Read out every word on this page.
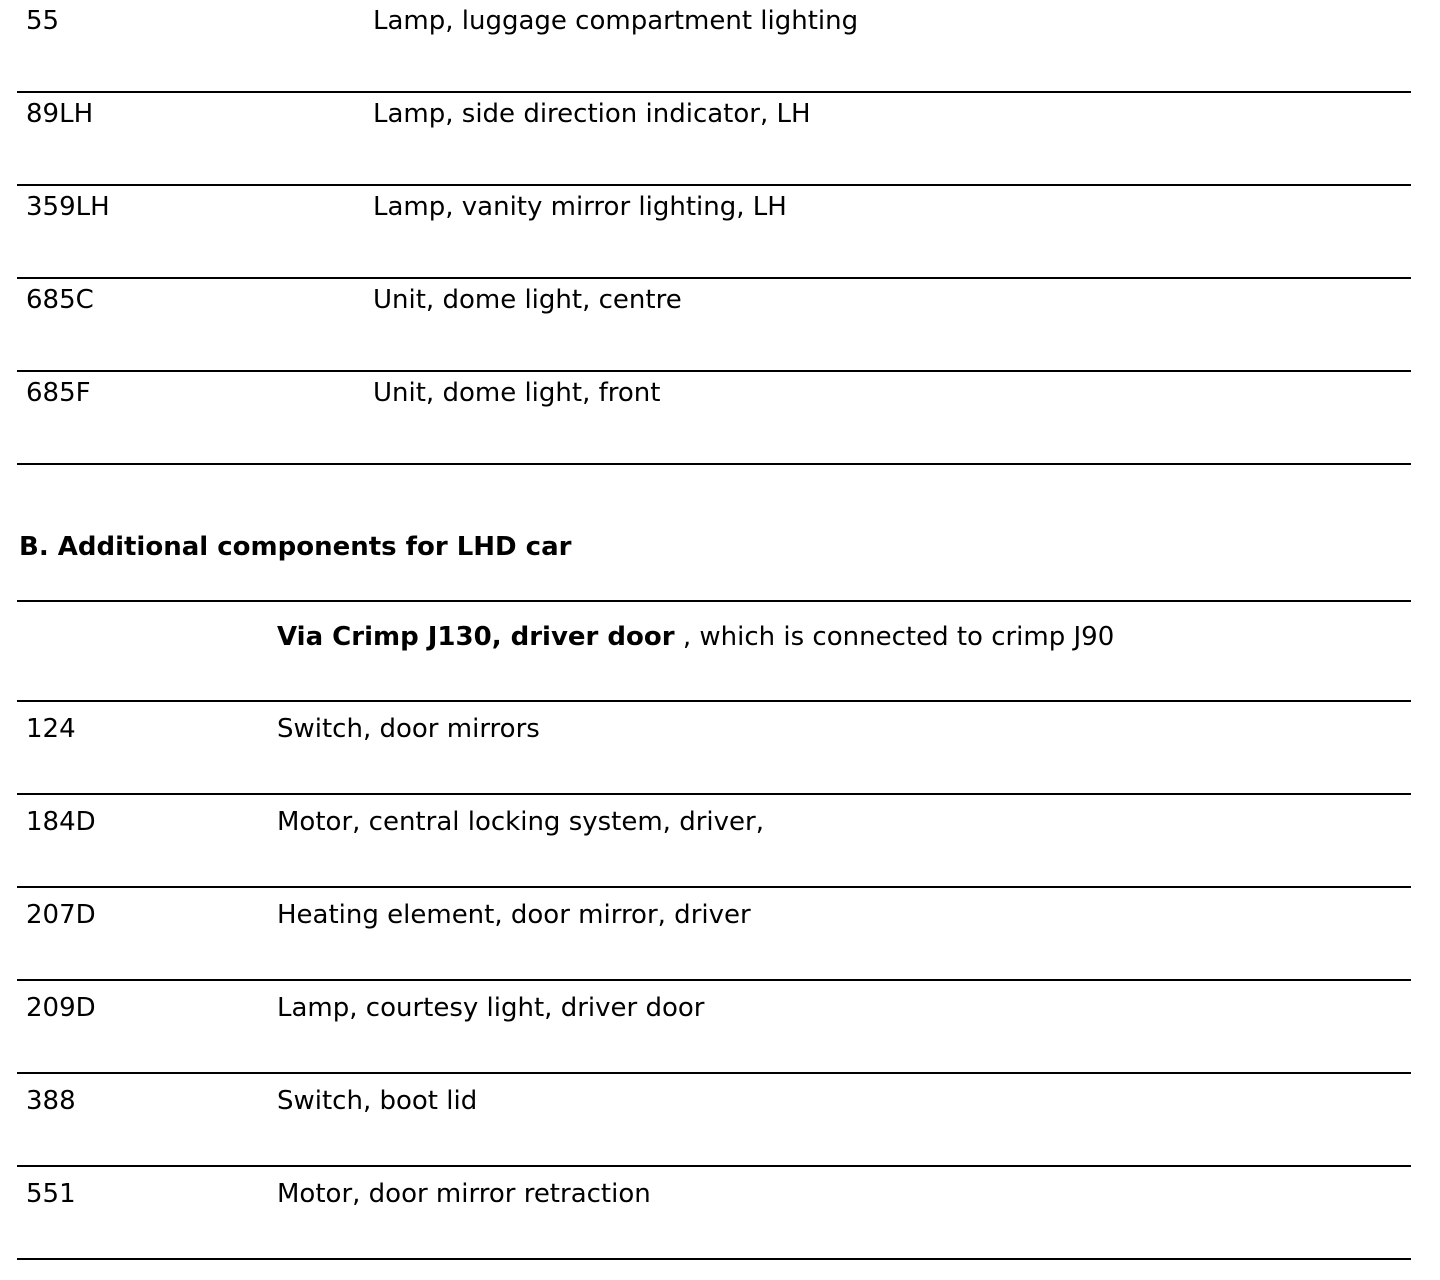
55	Lamp, luggage compartment lighting
89LH	Lamp, side direction indicator, LH
359LH	Lamp, vanity mirror lighting, LH
685C	Unit, dome light, centre
685F	Unit, dome light, front
B. Additional components for LHD car
Via Crimp J130, driver door , which is connected to crimp J90
124	Switch, door mirrors
184D	Motor, central locking system, driver,
207D	Heating element, door mirror, driver
209D	Lamp, courtesy light, driver door
388	Switch, boot lid
551	Motor, door mirror retraction
